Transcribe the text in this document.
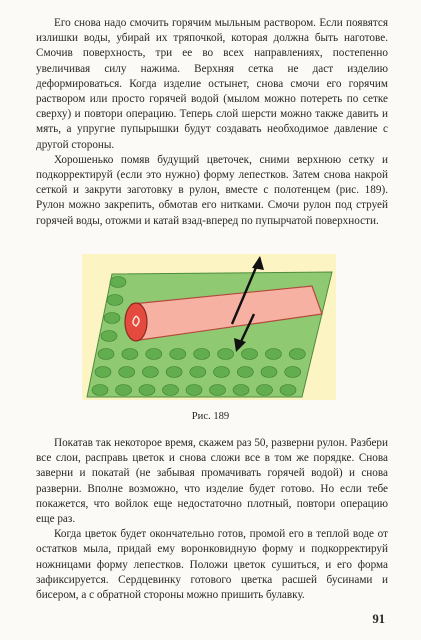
Его снова надо смочить горячим мыльным раствором. Если появятся излишки воды, убирай их тряпочкой, которая должна быть наготове. Смочив поверхность, три ее во всех направлениях, постепенно увеличивая силу нажима. Верхняя сетка не даст изделию деформироваться. Когда изделие остынет, снова смочи его горячим раствором или просто горячей водой (мылом можно потереть по сетке сверху) и повтори операцию. Теперь слой шерсти можно также давить и мять, а упругие пупырышки будут создавать необходимое давление с другой стороны.

Хорошенько помяв будущий цветочек, сними верхнюю сетку и подкорректируй (если это нужно) форму лепестков. Затем снова накрой сеткой и закрути заготовку в рулон, вместе с полотенцем (рис. 189). Рулон можно закрепить, обмотав его нитками. Смочи рулон под струей горячей воды, отожми и катай взад-вперед по пупырчатой поверхности.

Рис. 189

Покатав так некоторое время, скажем раз 50, разверни рулон. Разбери все слои, расправь цветок и снова сложи все в том же порядке. Снова заверни и покатай (не забывая промачивать горячей водой) и снова разверни. Вполне возможно, что изделие будет готово. Но если тебе покажется, что войлок еще недостаточно плотный, повтори операцию еще раз.

Когда цветок будет окончательно готов, промой его в теплой воде от остатков мыла, придай ему воронковидную форму и подкорректируй ножницами форму лепестков. Положи цветок сушиться, и его форма зафиксируется. Сердцевинку готового цветка расшей бусинами и бисером, а с обратной стороны можно пришить булавку.

91
